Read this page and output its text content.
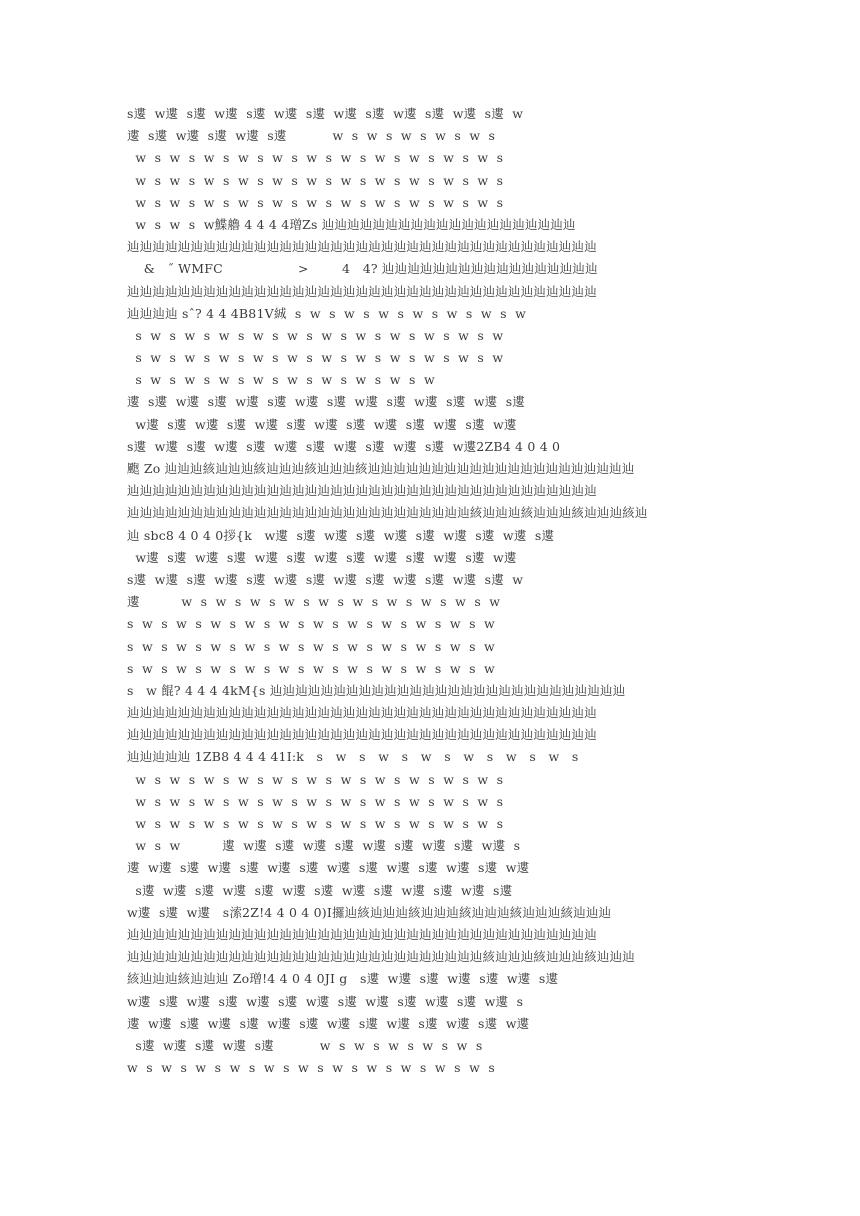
s遱  w遱  s遱  w遱  s遱  w遱  s遱  w遱  s遱  w遱  s遱  w遱  s遱  w
遱  s遱  w遱  s遱  w遱  s遱           w  s  w  s  w  s  w  s  w  s
w  s  w  s  w  s  w  s  w  s  w  s  w  s  w  s  w  s  w  s  w  s
w  s  w  s  w  s  w  s  w  s  w  s  w  s  w  s  w  s  w  s  w  s
w  s  w  s  w  s  w  s  w  s  w  s  w  s  w  s  w  s  w  s  w  s
w  s  w  s  w鰈艪 4 4 4 4璔Zs 辿辿辿辿辿辿辿辿辿辿辿辿辿辿辿辿辿辿辿辿
辿辿辿辿辿辿辿辿辿辿辿辿辿辿辿辿辿辿辿辿辿辿辿辿辿辿辿辿辿辿辿辿辿辿辿辿辿
&   ˝ WMFC                  >        4   4? 辿辿辿辿辿辿辿辿辿辿辿辿辿辿辿辿辿
辿辿辿辿辿辿辿辿辿辿辿辿辿辿辿辿辿辿辿辿辿辿辿辿辿辿辿辿辿辿辿辿辿辿辿辿辿
辿辿辿辿 sˆ? 4 4 4B81V絾  s  w  s  w  s  w  s  w  s  w  s  w  s  w
s  w  s  w  s  w  s  w  s  w  s  w  s  w  s  w  s  w  s  w  s  w
s  w  s  w  s  w  s  w  s  w  s  w  s  w  s  w  s  w  s  w  s  w
s  w  s  w  s  w  s  w  s  w  s  w  s  w  s  w  s  w
遱  s遱  w遱  s遱  w遱  s遱  w遱  s遱  w遱  s遱  w遱  s遱  w遱  s遱
w遱  s遱  w遱  s遱  w遱  s遱  w遱  s遱  w遱  s遱  w遱  s遱  w遱
s遱  w遱  s遱  w遱  s遱  w遱  s遱  w遱  s遱  w遱  s遱  w遱2ZB4 4 0 4 0
颮 Zo 辿辿辿絯辿辿辿絯辿辿辿絯辿辿辿絯辿辿辿辿辿辿辿辿辿辿辿辿辿辿辿辿辿辿辿辿辿
辿辿辿辿辿辿辿辿辿辿辿辿辿辿辿辿辿辿辿辿辿辿辿辿辿辿辿辿辿辿辿辿辿辿辿辿辿
辿辿辿辿辿辿辿辿辿辿辿辿辿辿辿辿辿辿辿辿辿辿辿辿辿辿辿絯辿辿辿絯辿辿辿絯辿辿辿絯辿
辿 sbc8 4 0 4 0拶{k   w遱  s遱  w遱  s遱  w遱  s遱  w遱  s遱  w遱  s遱
w遱  s遱  w遱  s遱  w遱  s遱  w遱  s遱  w遱  s遱  w遱  s遱  w遱
s遱  w遱  s遱  w遱  s遱  w遱  s遱  w遱  s遱  w遱  s遱  w遱  s遱  w
遱          w  s  w  s  w  s  w  s  w  s  w  s  w  s  w  s  w  s  w
s  w  s  w  s  w  s  w  s  w  s  w  s  w  s  w  s  w  s  w  s  w
s  w  s  w  s  w  s  w  s  w  s  w  s  w  s  w  s  w  s  w  s  w
s  w  s  w  s  w  s  w  s  w  s  w  s  w  s  w  s  w  s  w  s  w
s   w 餛? 4 4 4 4kM{s 辿辿辿辿辿辿辿辿辿辿辿辿辿辿辿辿辿辿辿辿辿辿辿辿辿辿辿辿
辿辿辿辿辿辿辿辿辿辿辿辿辿辿辿辿辿辿辿辿辿辿辿辿辿辿辿辿辿辿辿辿辿辿辿辿辿
辿辿辿辿辿辿辿辿辿辿辿辿辿辿辿辿辿辿辿辿辿辿辿辿辿辿辿辿辿辿辿辿辿辿辿辿辿
辿辿辿辿辿 1ZB8 4 4 4 41I:k   s   w   s   w   s   w   s   w   s   w   s   w   s
w  s  w  s  w  s  w  s  w  s  w  s  w  s  w  s  w  s  w  s  w  s
w  s  w  s  w  s  w  s  w  s  w  s  w  s  w  s  w  s  w  s  w  s
w  s  w  s  w  s  w  s  w  s  w  s  w  s  w  s  w  s  w  s  w  s
w  s  w          遱  w遱  s遱  w遱  s遱  w遱  s遱  w遱  s遱  w遱  s
遱  w遱  s遱  w遱  s遱  w遱  s遱  w遱  s遱  w遱  s遱  w遱  s遱  w遱
s遱  w遱  s遱  w遱  s遱  w遱  s遱  w遱  s遱  w遱  s遱  w遱  s遱
w遱  s遱  w遱   s溹2Z!4 4 0 4 0)I攞辿絯辿辿辿絯辿辿辿絯辿辿辿絯辿辿辿絯辿辿辿
辿辿辿辿辿辿辿辿辿辿辿辿辿辿辿辿辿辿辿辿辿辿辿辿辿辿辿辿辿辿辿辿辿辿辿辿辿
辿辿辿辿辿辿辿辿辿辿辿辿辿辿辿辿辿辿辿辿辿辿辿辿辿辿辿辿絯辿辿辿絯辿辿辿絯辿辿辿
絯辿辿辿絯辿辿辿 Zo璔!4 4 0 4 0JI g   s遱  w遱  s遱  w遱  s遱  w遱  s遱
w遱  s遱  w遱  s遱  w遱  s遱  w遱  s遱  w遱  s遱  w遱  s遱  w遱  s
遱  w遱  s遱  w遱  s遱  w遱  s遱  w遱  s遱  w遱  s遱  w遱  s遱  w遱
s遱  w遱  s遱  w遱  s遱           w  s  w  s  w  s  w  s  w  s
w  s  w  s  w  s  w  s  w  s  w  s  w  s  w  s  w  s  w  s  w  s
